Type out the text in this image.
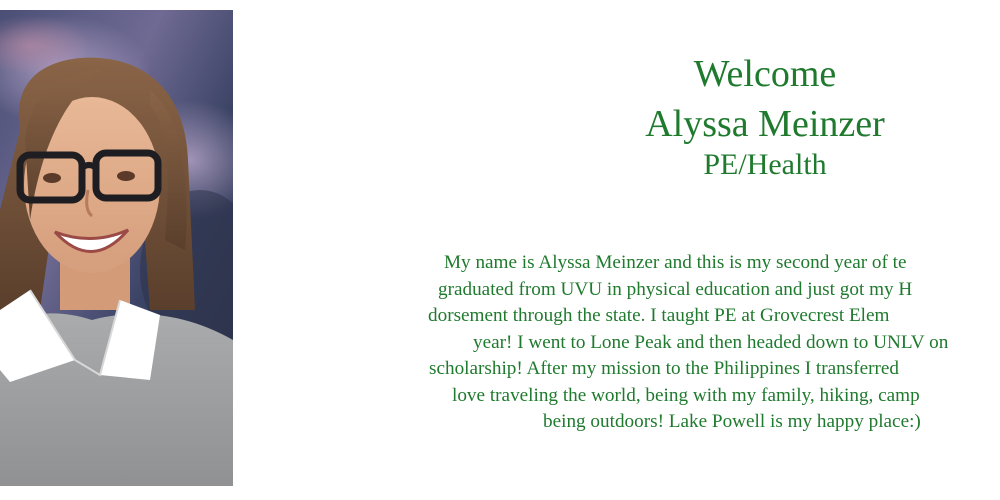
Welcome
Alyssa Meinzer
PE/Health
My name is Alyssa Meinzer and this is my second year of te
graduated from UVU in physical education and just got my H
dorsement through the state. I taught PE at Grovecrest Elem
year! I went to Lone Peak and then headed down to UNLV on
scholarship! After my mission to the Philippines I transferred
love traveling the world, being with my family, hiking, camp
being outdoors! Lake Powell is my happy place:)
